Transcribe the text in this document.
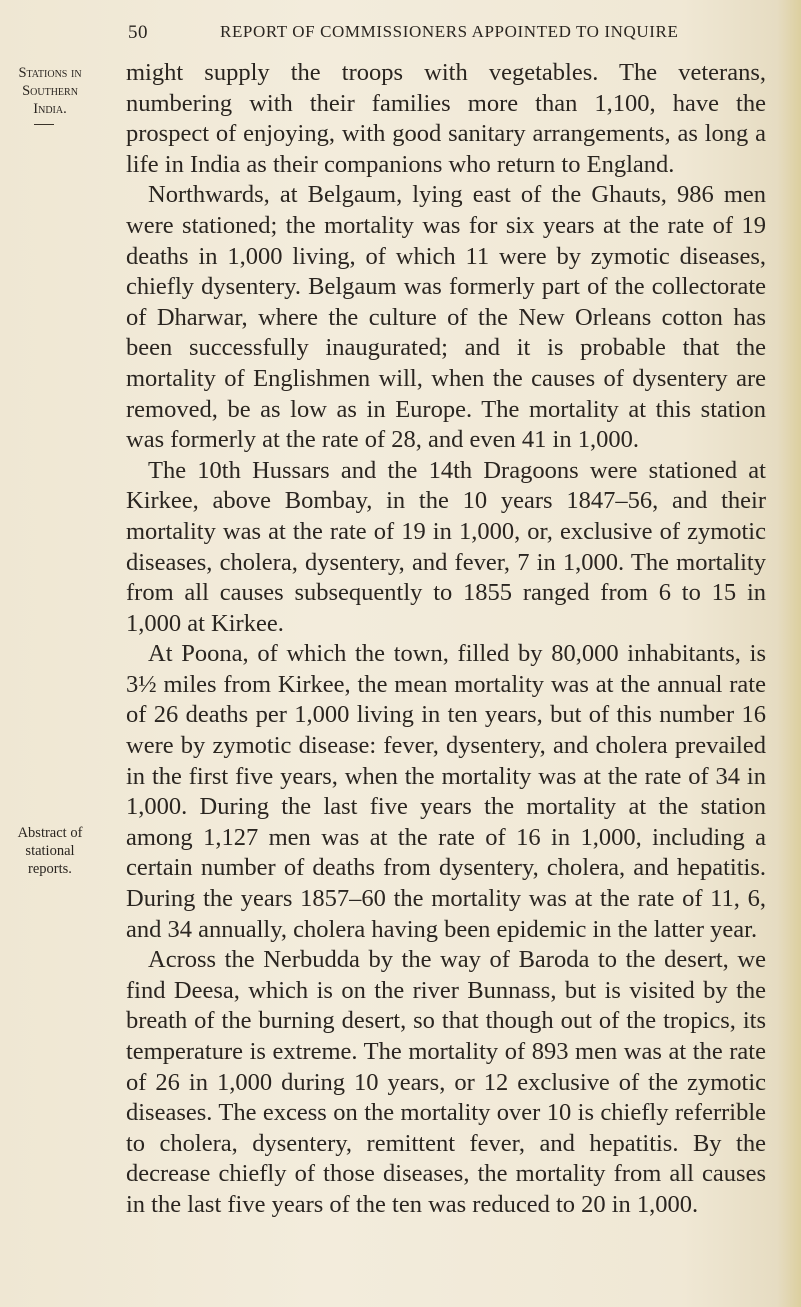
50	REPORT OF COMMISSIONERS APPOINTED TO INQUIRE
Stations in Southern India.
Abstract of stational reports.

might supply the troops with vegetables. The veterans, numbering with their families more than 1,100, have the prospect of enjoying, with good sanitary arrangements, as long a life in India as their companions who return to England.

Northwards, at Belgaum, lying east of the Ghauts, 986 men were stationed; the mortality was for six years at the rate of 19 deaths in 1,000 living, of which 11 were by zymotic diseases, chiefly dysentery. Belgaum was formerly part of the collectorate of Dharwar, where the culture of the New Orleans cotton has been successfully inaugurated; and it is probable that the mortality of Englishmen will, when the causes of dysentery are removed, be as low as in Europe. The mortality at this station was formerly at the rate of 28, and even 41 in 1,000.

The 10th Hussars and the 14th Dragoons were stationed at Kirkee, above Bombay, in the 10 years 1847–56, and their mortality was at the rate of 19 in 1,000, or, exclusive of zymotic diseases, cholera, dysentery, and fever, 7 in 1,000. The mortality from all causes subsequently to 1855 ranged from 6 to 15 in 1,000 at Kirkee.

At Poona, of which the town, filled by 80,000 inhabitants, is 3½ miles from Kirkee, the mean mortality was at the annual rate of 26 deaths per 1,000 living in ten years, but of this number 16 were by zymotic disease: fever, dysentery, and cholera prevailed in the first five years, when the mortality was at the rate of 34 in 1,000. During the last five years the mortality at the station among 1,127 men was at the rate of 16 in 1,000, including a certain number of deaths from dysentery, cholera, and hepatitis. During the years 1857–60 the mortality was at the rate of 11, 6, and 34 annually, cholera having been epidemic in the latter year.

Across the Nerbudda by the way of Baroda to the desert, we find Deesa, which is on the river Bunnass, but is visited by the breath of the burning desert, so that though out of the tropics, its temperature is extreme. The mortality of 893 men was at the rate of 26 in 1,000 during 10 years, or 12 exclusive of the zymotic diseases. The excess on the mortality over 10 is chiefly referrible to cholera, dysentery, remittent fever, and hepatitis. By the decrease chiefly of those diseases, the mortality from all causes in the last five years of the ten was reduced to 20 in 1,000.
